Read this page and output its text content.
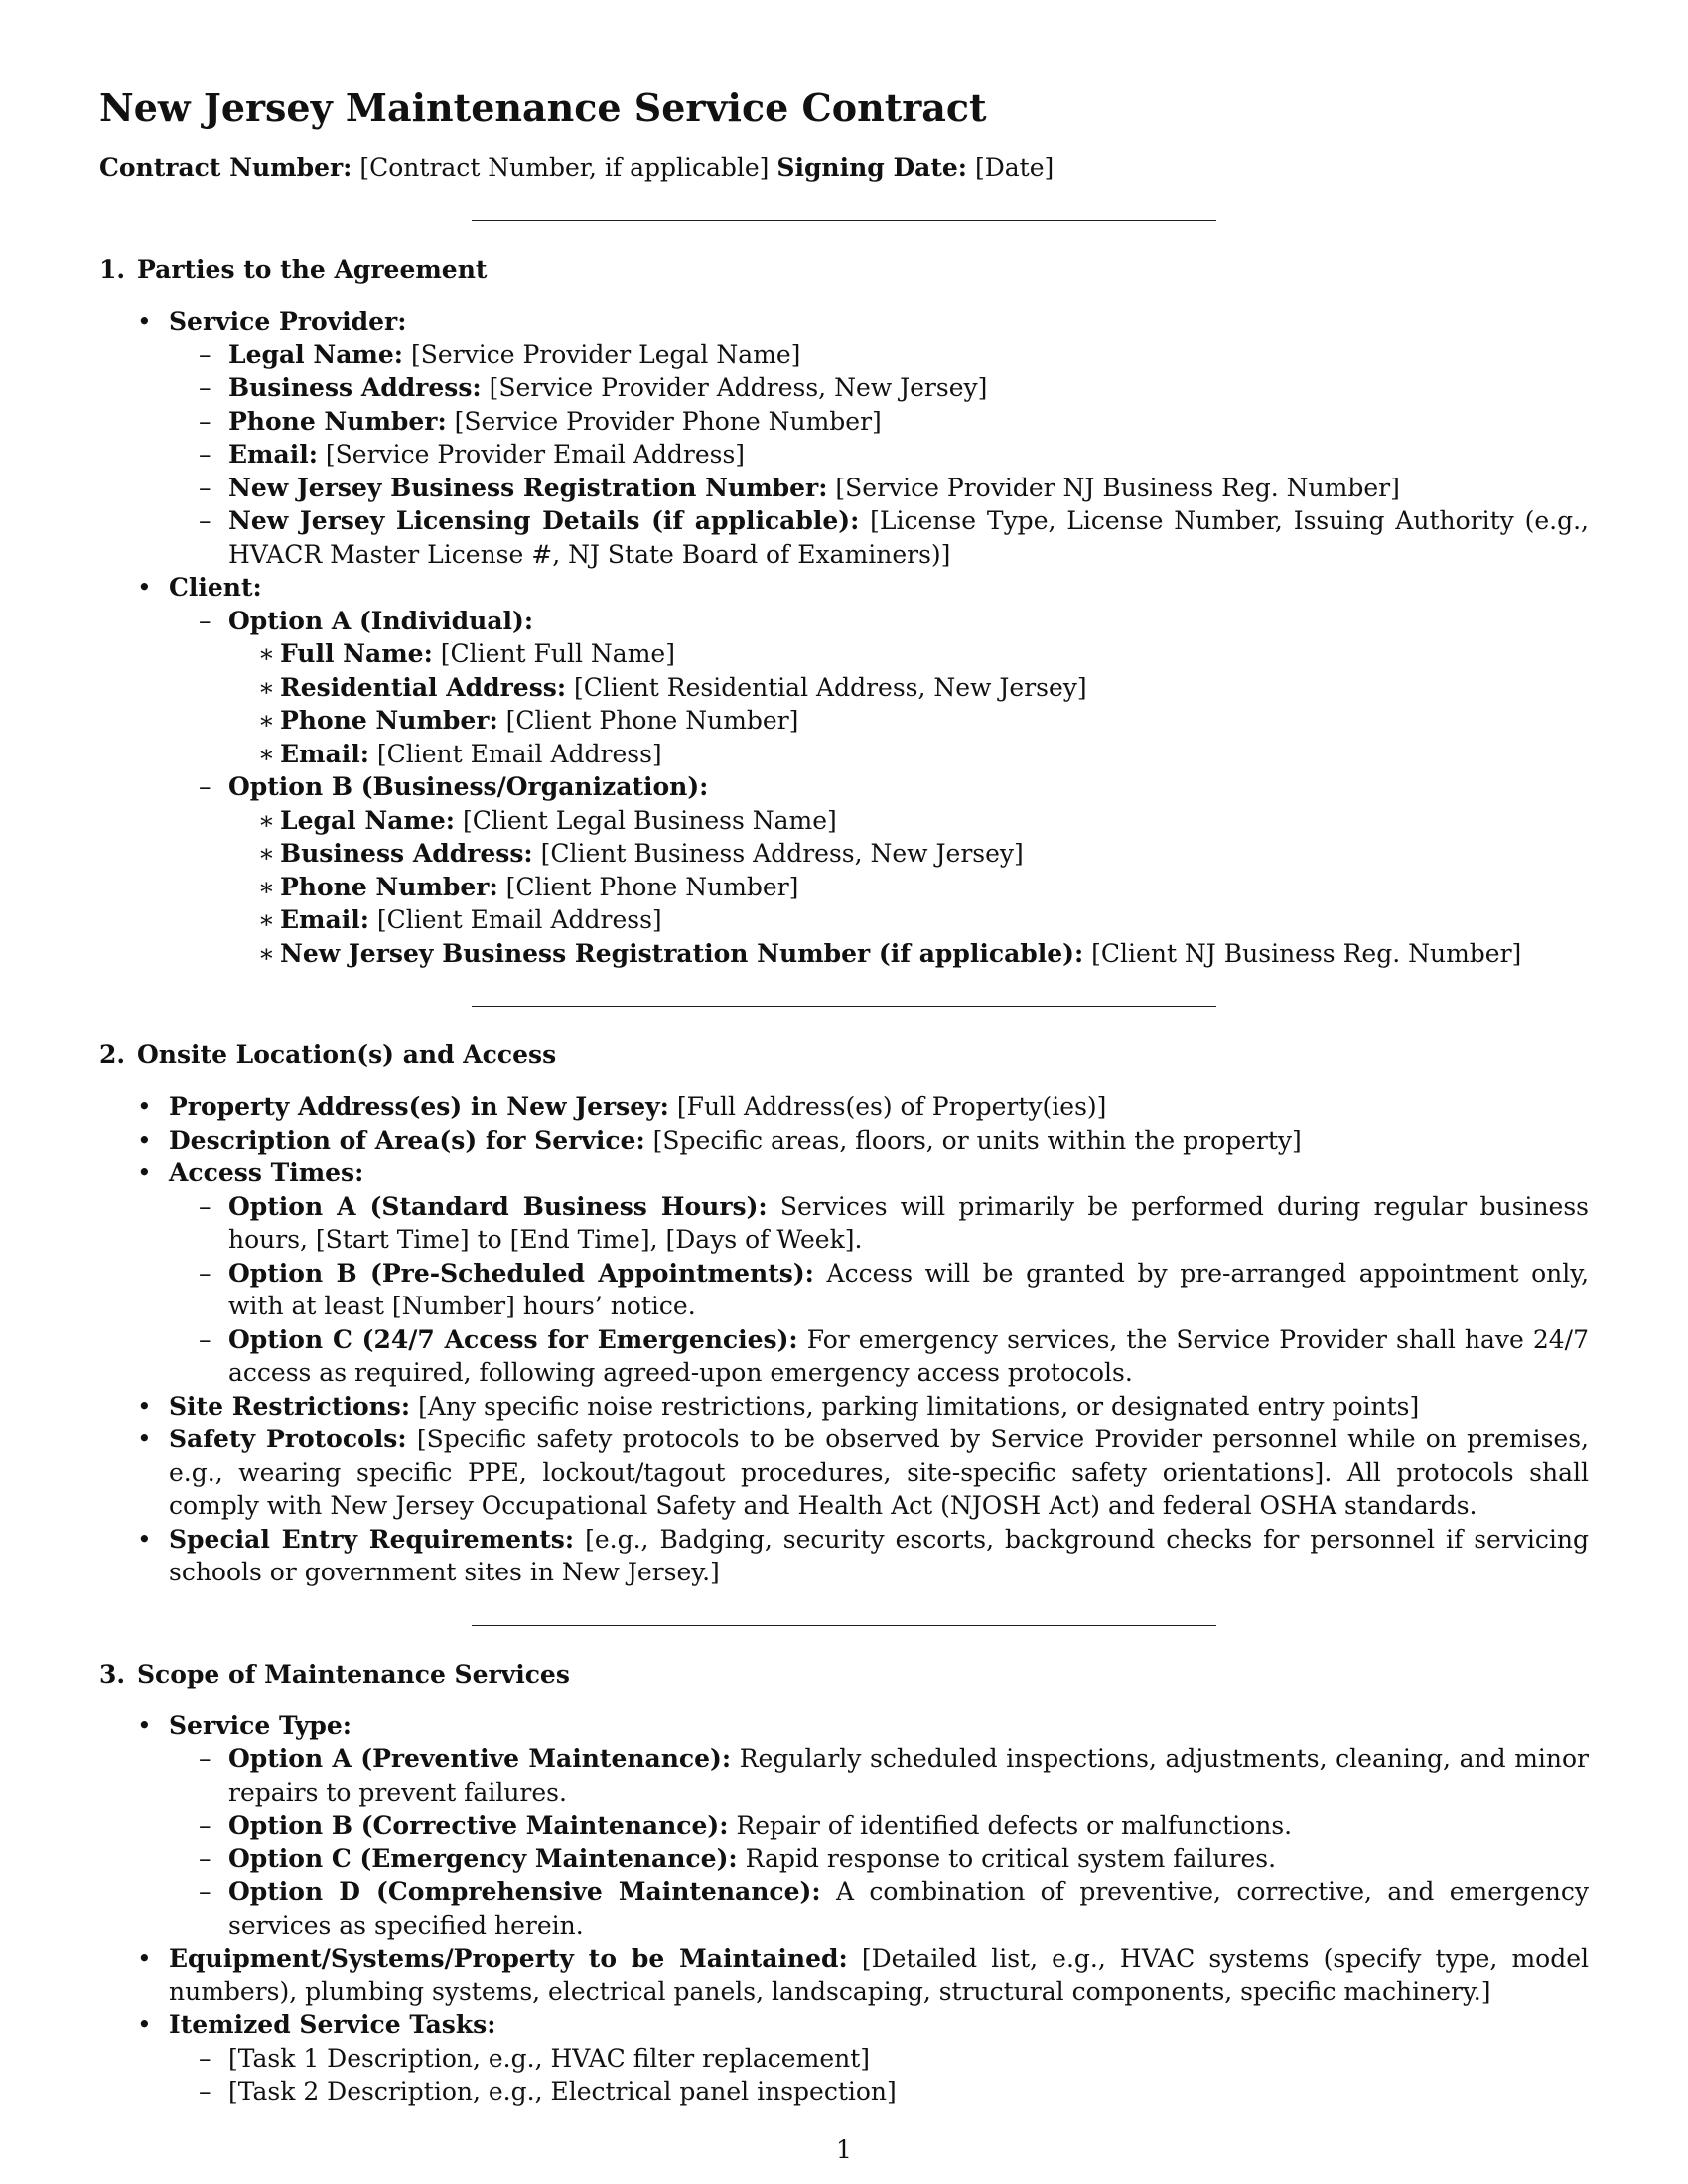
New Jersey Maintenance Service Contract

Contract Number: [Contract Number, if applicable] Signing Date: [Date]

1. Parties to the Agreement
• Service Provider:
– Legal Name: [Service Provider Legal Name]
– Business Address: [Service Provider Address, New Jersey]
– Phone Number: [Service Provider Phone Number]
– Email: [Service Provider Email Address]
– New Jersey Business Registration Number: [Service Provider NJ Business Reg. Number]
– New Jersey Licensing Details (if applicable): [License Type, License Number, Issuing Authority (e.g., HVACR Master License #, NJ State Board of Examiners)]
• Client:
– Option A (Individual):
∗ Full Name: [Client Full Name]
∗ Residential Address: [Client Residential Address, New Jersey]
∗ Phone Number: [Client Phone Number]
∗ Email: [Client Email Address]
– Option B (Business/Organization):
∗ Legal Name: [Client Legal Business Name]
∗ Business Address: [Client Business Address, New Jersey]
∗ Phone Number: [Client Phone Number]
∗ Email: [Client Email Address]
∗ New Jersey Business Registration Number (if applicable): [Client NJ Business Reg. Number]
2. Onsite Location(s) and Access
• Property Address(es) in New Jersey: [Full Address(es) of Property(ies)]
• Description of Area(s) for Service: [Specific areas, floors, or units within the property]
• Access Times:
– Option A (Standard Business Hours): Services will primarily be performed during regular business hours, [Start Time] to [End Time], [Days of Week].
– Option B (Pre-Scheduled Appointments): Access will be granted by pre-arranged appointment only, with at least [Number] hours’ notice.
– Option C (24/7 Access for Emergencies): For emergency services, the Service Provider shall have 24/7 access as required, following agreed-upon emergency access protocols.
• Site Restrictions: [Any specific noise restrictions, parking limitations, or designated entry points]
• Safety Protocols: [Specific safety protocols to be observed by Service Provider personnel while on premises, e.g., wearing specific PPE, lockout/tagout procedures, site-specific safety orientations]. All protocols shall comply with New Jersey Occupational Safety and Health Act (NJOSH Act) and federal OSHA standards.
• Special Entry Requirements: [e.g., Badging, security escorts, background checks for personnel if servicing schools or government sites in New Jersey.]
3. Scope of Maintenance Services
• Service Type:
– Option A (Preventive Maintenance): Regularly scheduled inspections, adjustments, cleaning, and minor repairs to prevent failures.
– Option B (Corrective Maintenance): Repair of identified defects or malfunctions.
– Option C (Emergency Maintenance): Rapid response to critical system failures.
– Option D (Comprehensive Maintenance): A combination of preventive, corrective, and emergency services as specified herein.
• Equipment/Systems/Property to be Maintained: [Detailed list, e.g., HVAC systems (specify type, model numbers), plumbing systems, electrical panels, landscaping, structural components, specific machinery.]
• Itemized Service Tasks:
– [Task 1 Description, e.g., HVAC filter replacement]
– [Task 2 Description, e.g., Electrical panel inspection]
1
